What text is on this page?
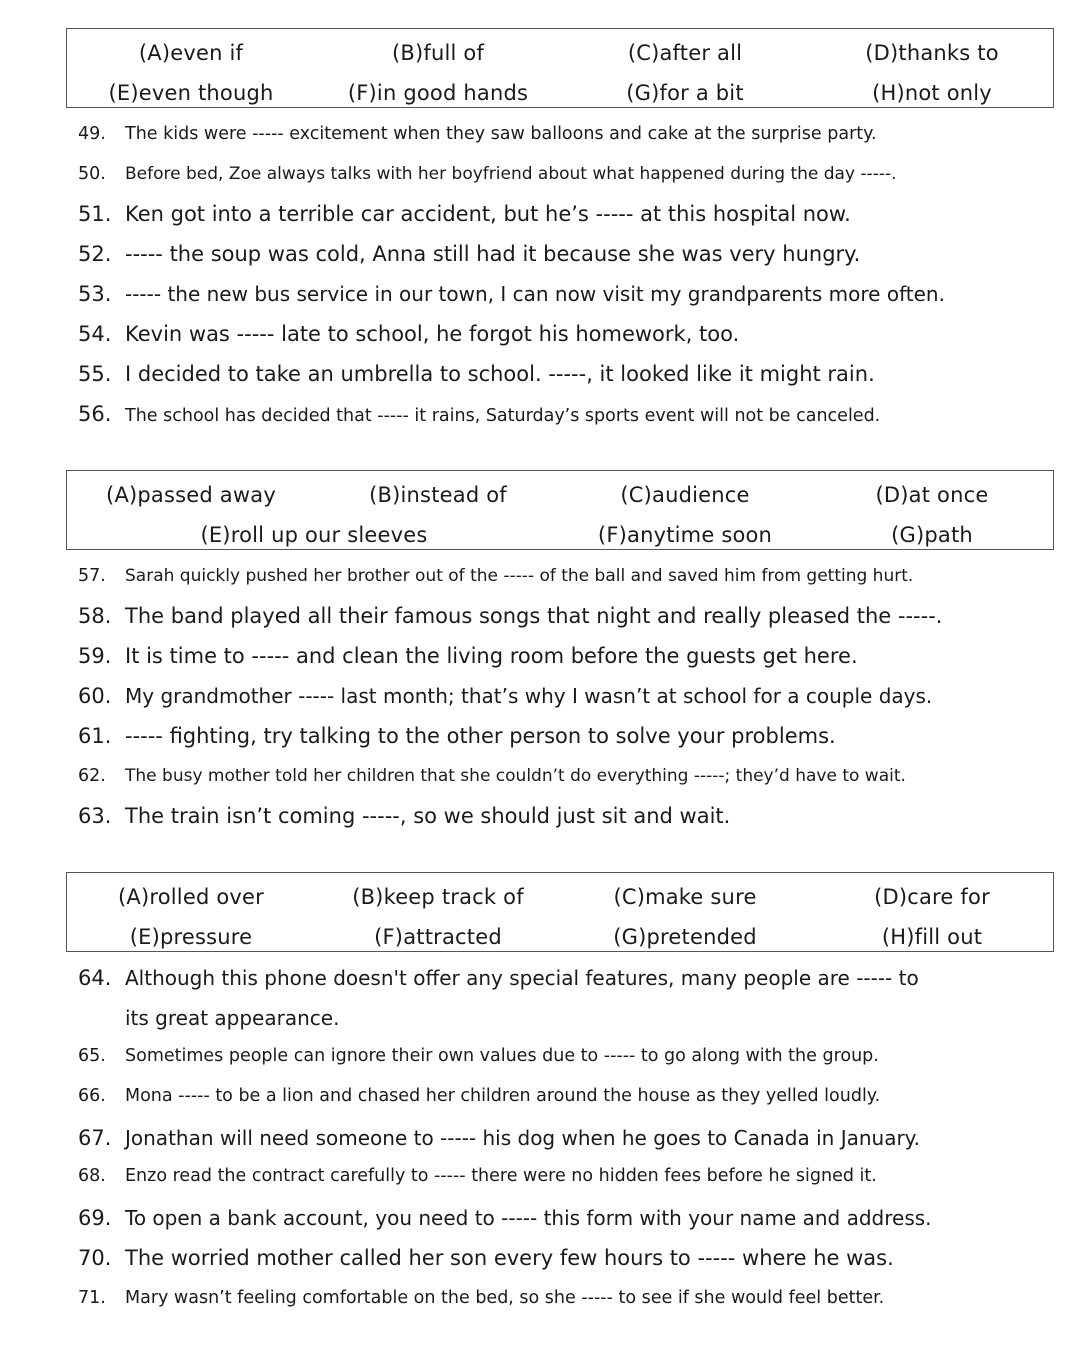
(A)even if	(B)full of	(C)after all	(D)thanks to
(E)even though	(F)in good hands	(G)for a bit	(H)not only
49. The kids were ----- excitement when they saw balloons and cake at the surprise party.
50. Before bed, Zoe always talks with her boyfriend about what happened during the day -----.
51. Ken got into a terrible car accident, but he’s ----- at this hospital now.
52. ----- the soup was cold, Anna still had it because she was very hungry.
53. ----- the new bus service in our town, I can now visit my grandparents more often.
54. Kevin was ----- late to school, he forgot his homework, too.
55. I decided to take an umbrella to school. -----, it looked like it might rain.
56. The school has decided that ----- it rains, Saturday’s sports event will not be canceled.
(A)passed away	(B)instead of	(C)audience	(D)at once
(E)roll up our sleeves	(F)anytime soon	(G)path
57. Sarah quickly pushed her brother out of the ----- of the ball and saved him from getting hurt.
58. The band played all their famous songs that night and really pleased the -----.
59. It is time to ----- and clean the living room before the guests get here.
60. My grandmother ----- last month; that’s why I wasn’t at school for a couple days.
61. ----- fighting, try talking to the other person to solve your problems.
62. The busy mother told her children that she couldn’t do everything -----; they’d have to wait.
63. The train isn’t coming -----, so we should just sit and wait.
(A)rolled over	(B)keep track of	(C)make sure	(D)care for
(E)pressure	(F)attracted	(G)pretended	(H)fill out
64. Although this phone doesn't offer any special features, many people are ----- to
its great appearance.
65. Sometimes people can ignore their own values due to ----- to go along with the group.
66. Mona ----- to be a lion and chased her children around the house as they yelled loudly.
67. Jonathan will need someone to ----- his dog when he goes to Canada in January.
68. Enzo read the contract carefully to ----- there were no hidden fees before he signed it.
69. To open a bank account, you need to ----- this form with your name and address.
70. The worried mother called her son every few hours to ----- where he was.
71. Mary wasn’t feeling comfortable on the bed, so she ----- to see if she would feel better.
